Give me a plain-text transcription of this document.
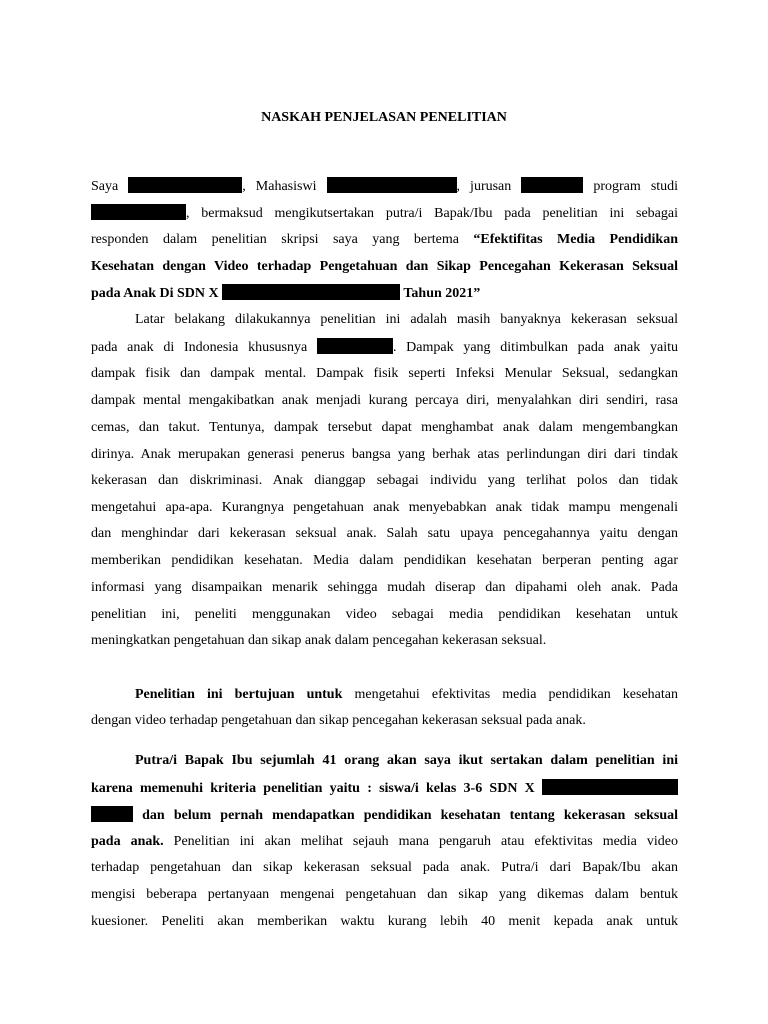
NASKAH PENJELASAN PENELITIAN
Saya	, Mahasiswi	, jurusan	program studi
, bermaksud mengikutsertakan putra/i Bapak/Ibu pada penelitian ini sebagai
responden dalam penelitian skripsi saya yang bertema “Efektifitas Media Pendidikan
Kesehatan dengan Video terhadap Pengetahuan dan Sikap Pencegahan Kekerasan Seksual
pada Anak Di SDN X	Tahun 2021”
Latar belakang dilakukannya penelitian ini adalah masih banyaknya kekerasan seksual
pada anak di Indonesia khususnya	. Dampak yang ditimbulkan pada anak yaitu
dampak fisik dan dampak mental. Dampak fisik seperti Infeksi Menular Seksual, sedangkan
dampak mental mengakibatkan anak menjadi kurang percaya diri, menyalahkan diri sendiri, rasa
cemas, dan takut. Tentunya, dampak tersebut dapat menghambat anak dalam mengembangkan
dirinya. Anak merupakan generasi penerus bangsa yang berhak atas perlindungan diri dari tindak
kekerasan dan diskriminasi. Anak dianggap sebagai individu yang terlihat polos dan tidak
mengetahui apa-apa. Kurangnya pengetahuan anak menyebabkan anak tidak mampu mengenali
dan menghindar dari kekerasan seksual anak. Salah satu upaya pencegahannya yaitu dengan
memberikan pendidikan kesehatan. Media dalam pendidikan kesehatan berperan penting agar
informasi yang disampaikan menarik sehingga mudah diserap dan dipahami oleh anak. Pada
penelitian ini, peneliti menggunakan video sebagai media pendidikan kesehatan untuk
meningkatkan pengetahuan dan sikap anak dalam pencegahan kekerasan seksual.
Penelitian ini bertujuan untuk mengetahui efektivitas media pendidikan kesehatan
dengan video terhadap pengetahuan dan sikap pencegahan kekerasan seksual pada anak.
Putra/i Bapak Ibu sejumlah 41 orang akan saya ikut sertakan dalam penelitian ini
karena memenuhi kriteria penelitian yaitu : siswa/i kelas 3-6 SDN X
dan belum pernah mendapatkan pendidikan kesehatan tentang kekerasan seksual
pada anak. Penelitian ini akan melihat sejauh mana pengaruh atau efektivitas media video
terhadap pengetahuan dan sikap kekerasan seksual pada anak. Putra/i dari Bapak/Ibu akan
mengisi beberapa pertanyaan mengenai pengetahuan dan sikap yang dikemas dalam bentuk
kuesioner. Peneliti akan memberikan waktu kurang lebih 40 menit kepada anak untuk
